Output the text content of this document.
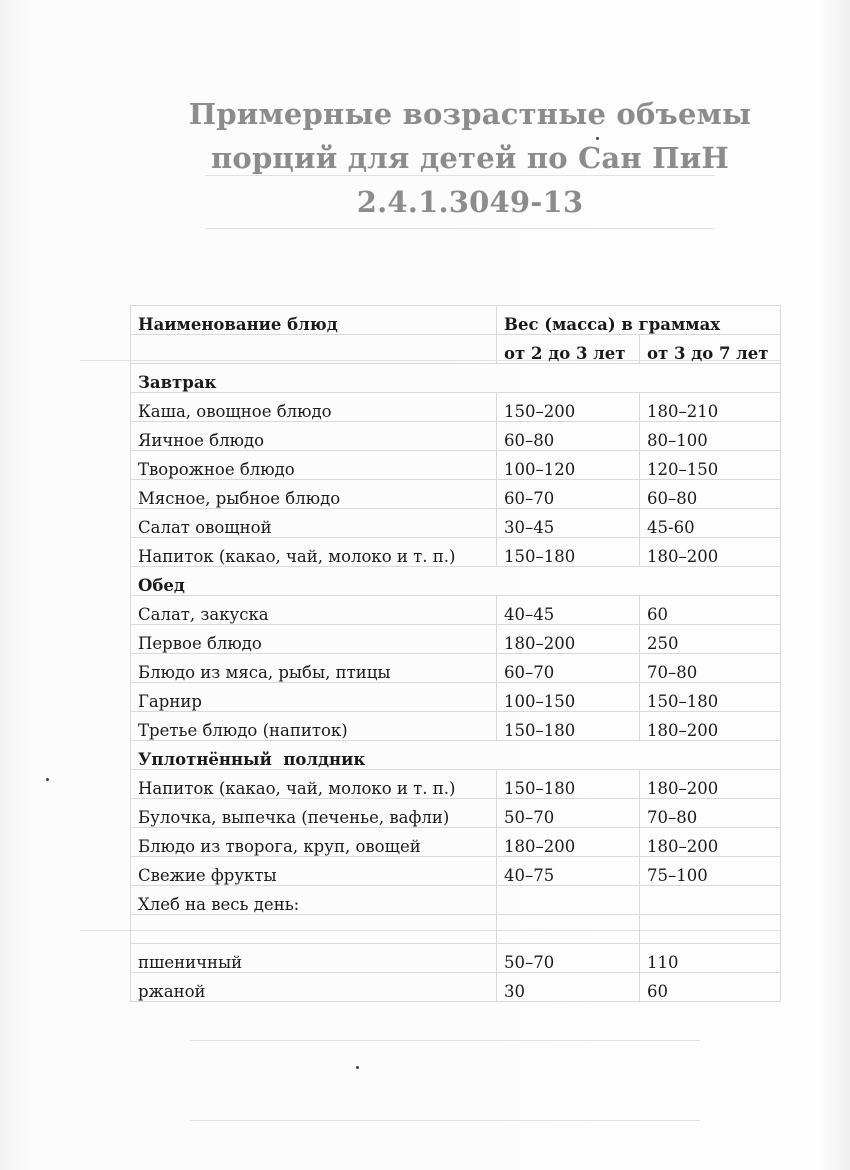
Примерные возрастные объемы
порций для детей по Сан ПиН
2.4.1.3049-13
Наименование блюд	Вес (масса) в граммах	
	от 2 до 3 лет	от 3 до 7 лет
Завтрак		
Каша, овощное блюдо	150–200	180–210
Яичное блюдо	60–80	80–100
Творожное блюдо	100–120	120–150
Мясное, рыбное блюдо	60–70	60–80
Салат овощной	30–45	45-60
Напиток (какао, чай, молоко и т. п.)	150–180	180–200
Обед		
Салат, закуска	40–45	60
Первое блюдо	180–200	250
Блюдо из мяса, рыбы, птицы	60–70	70–80
Гарнир	100–150	150–180
Третье блюдо (напиток)	150–180	180–200
Уплотнённый  полдник		
Напиток (какао, чай, молоко и т. п.)	150–180	180–200
Булочка, выпечка (печенье, вафли)	50–70	70–80
Блюдо из творога, круп, овощей	180–200	180–200
Свежие фрукты	40–75	75–100
Хлеб на весь день:		

пшеничный	50–70	110
ржаной	30	60
